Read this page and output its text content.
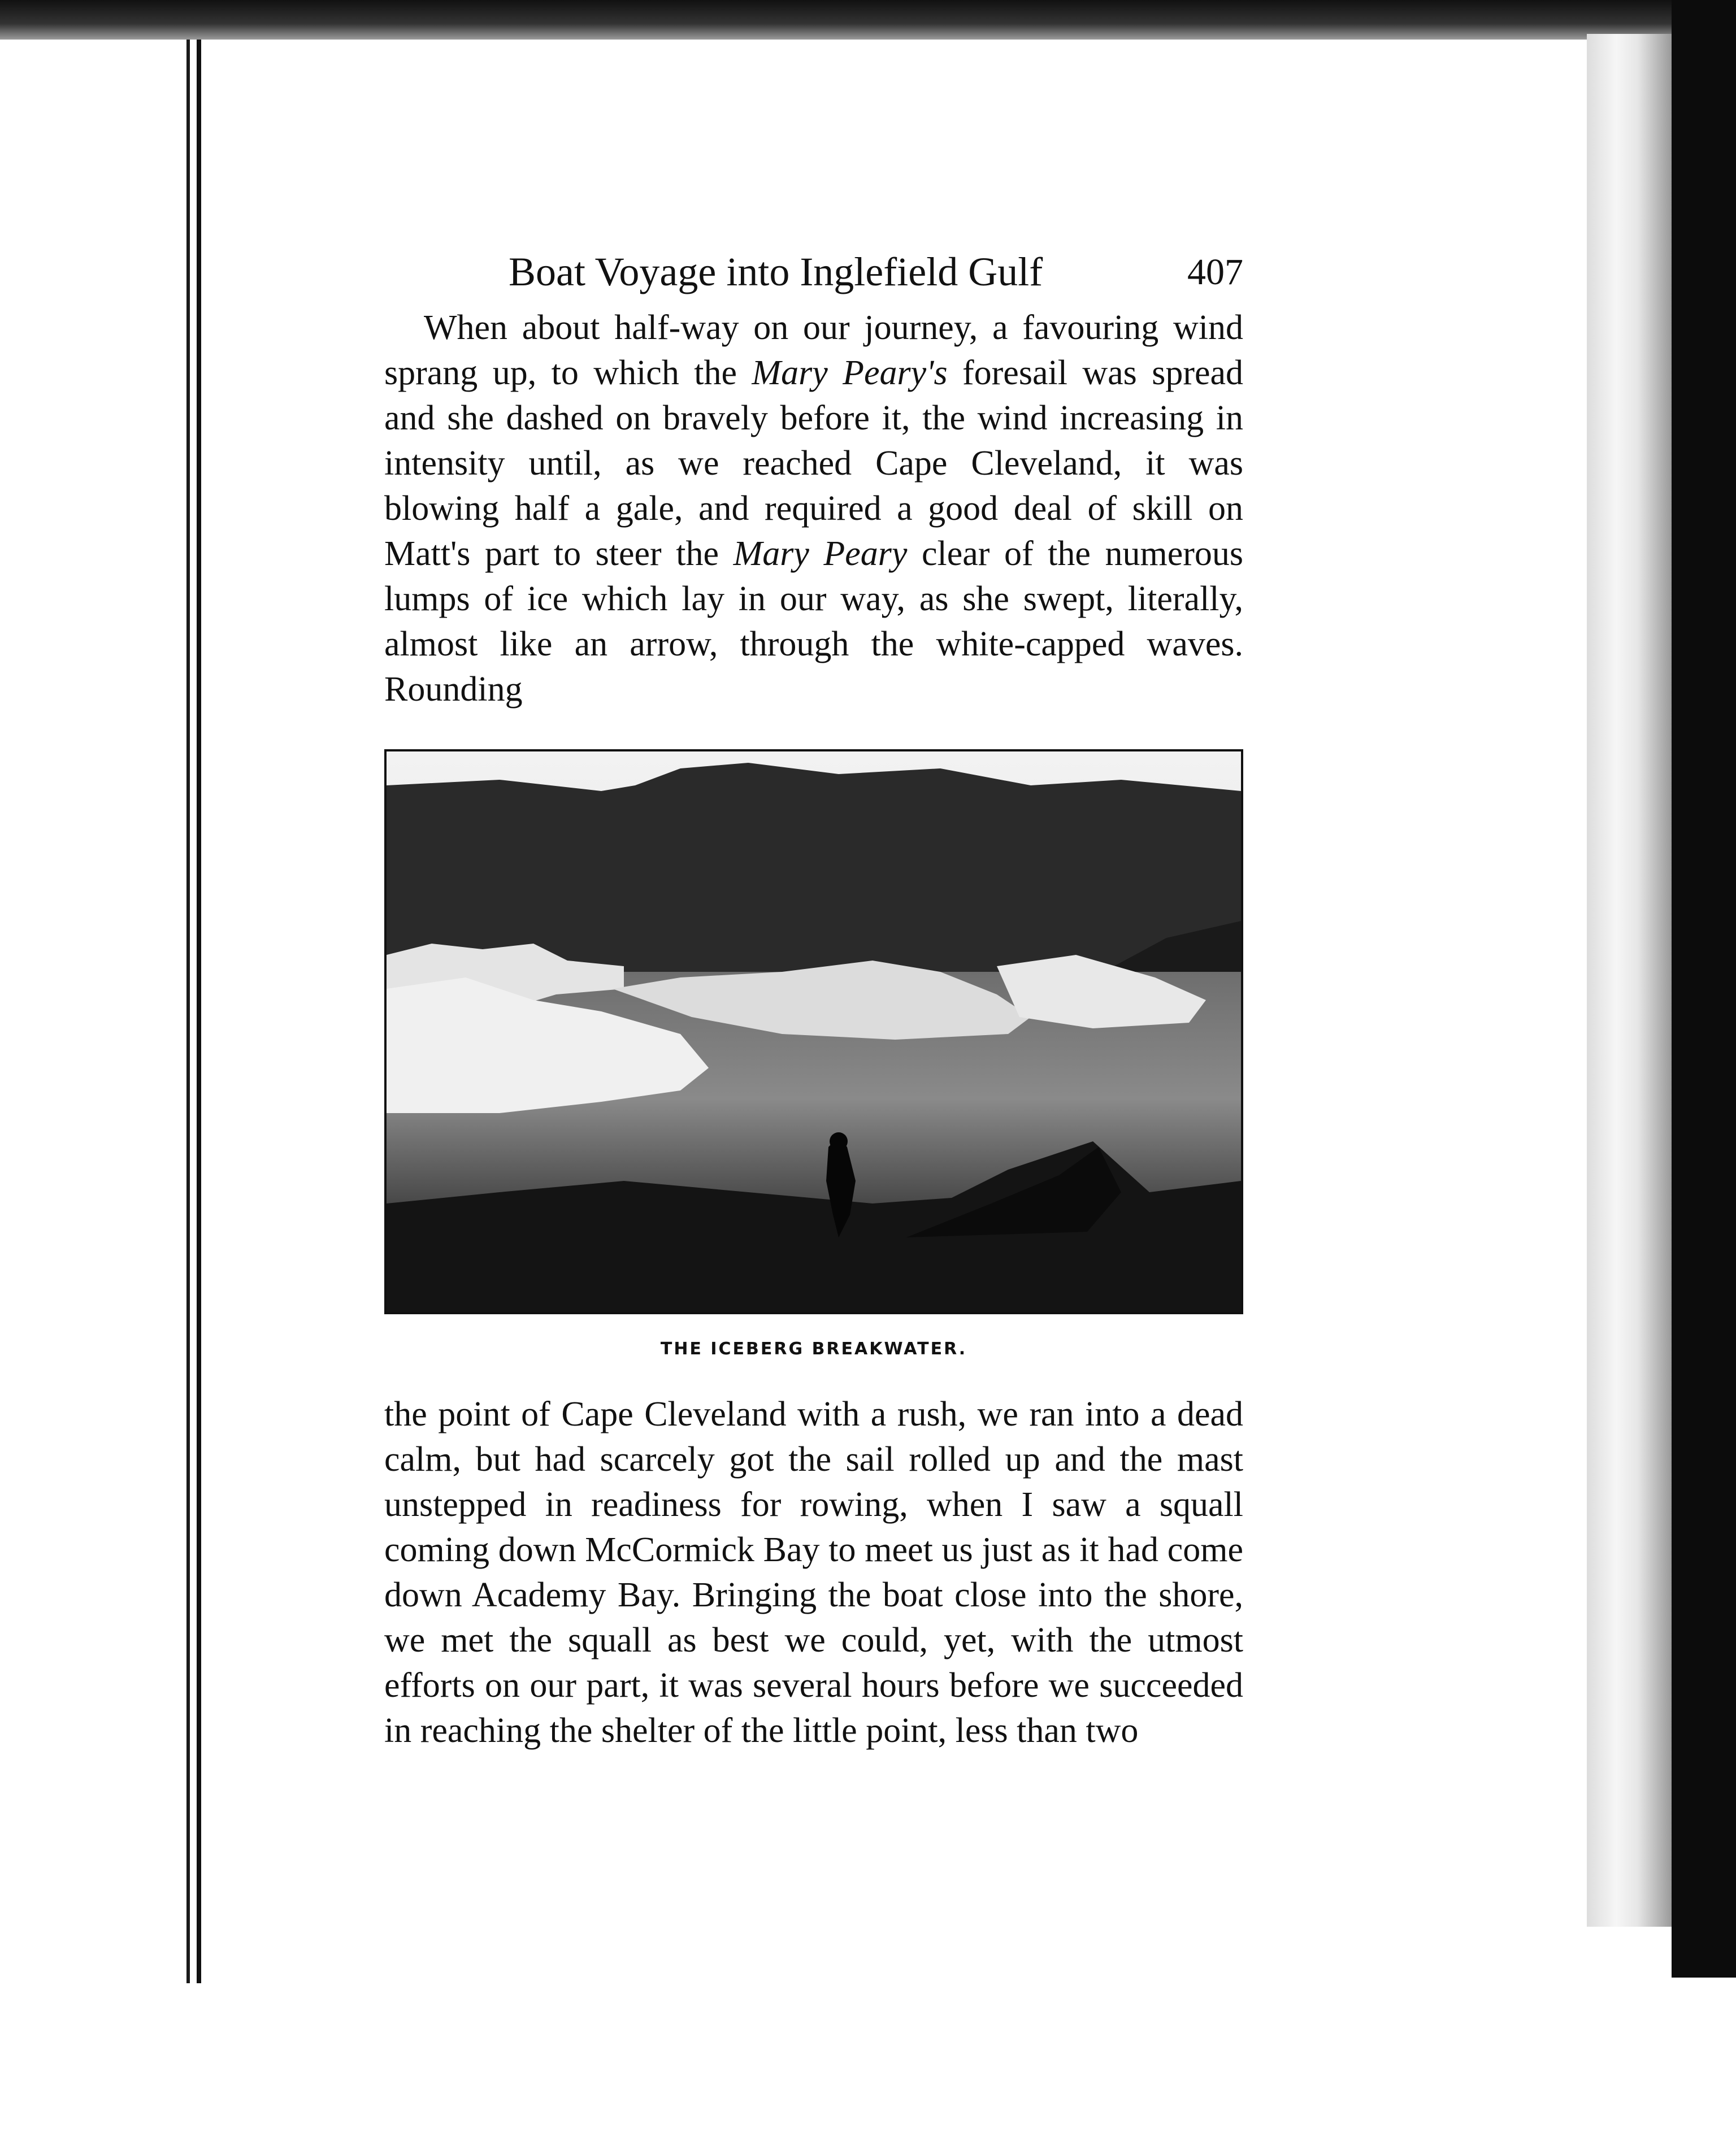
Boat Voyage into Inglefield Gulf	407

When about half-way on our journey, a favouring wind sprang up, to which the Mary Peary's foresail was spread and she dashed on bravely before it, the wind increasing in intensity until, as we reached Cape Cleveland, it was blowing half a gale, and required a good deal of skill on Matt's part to steer the Mary Peary clear of the numerous lumps of ice which lay in our way, as she swept, literally, almost like an arrow, through the white-capped waves. Rounding

THE ICEBERG BREAKWATER.

the point of Cape Cleveland with a rush, we ran into a dead calm, but had scarcely got the sail rolled up and the mast unstepped in readiness for rowing, when I saw a squall coming down McCormick Bay to meet us just as it had come down Academy Bay. Bringing the boat close into the shore, we met the squall as best we could, yet, with the utmost efforts on our part, it was several hours before we succeeded in reaching the shelter of the little point, less than two
